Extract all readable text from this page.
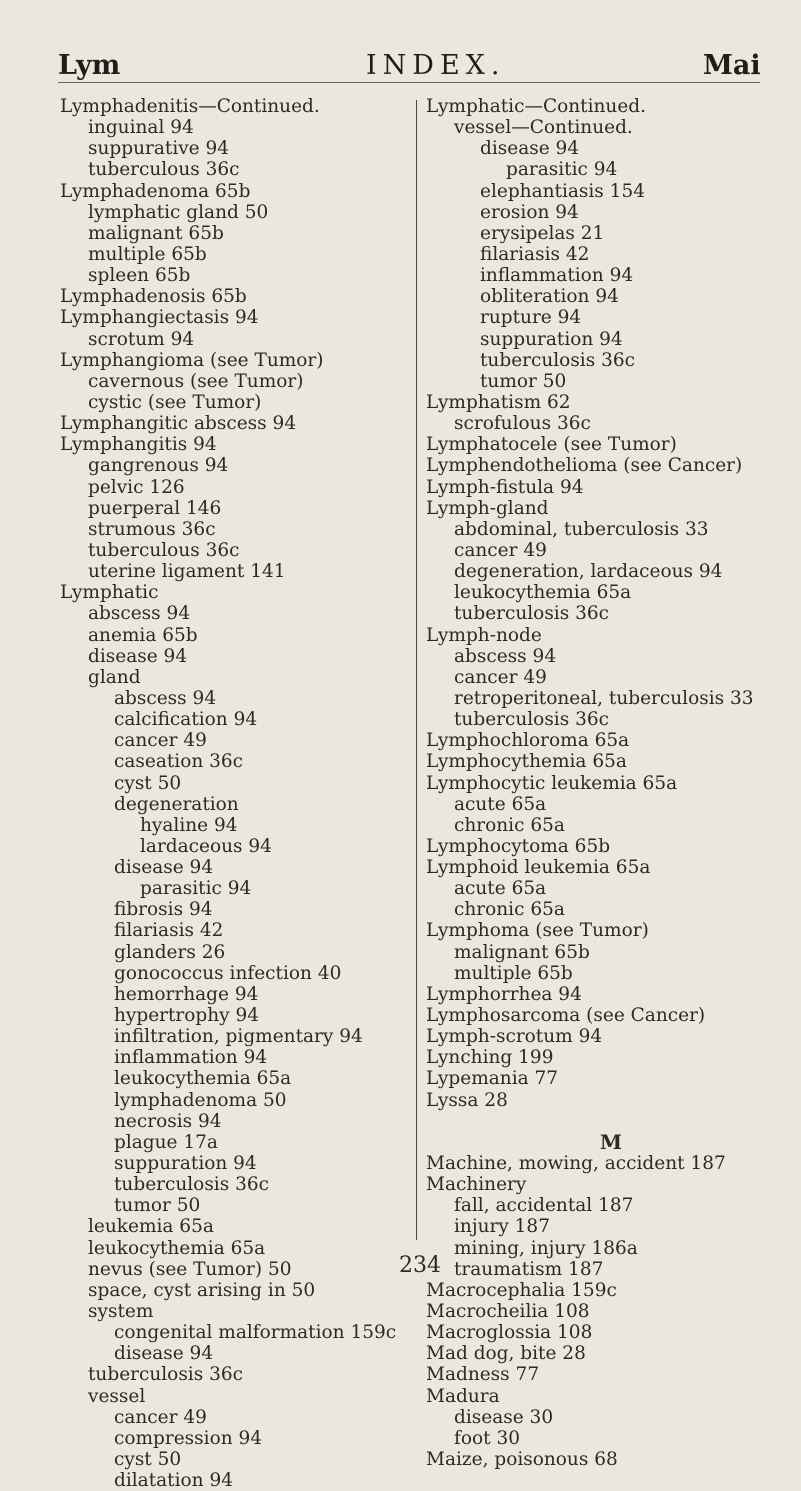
Lym	INDEX.	Mai
Lymphadenitis—Continued.
inguinal 94
suppurative 94
tuberculous 36c
Lymphadenoma 65b
lymphatic gland 50
malignant 65b
multiple 65b
spleen 65b
Lymphadenosis 65b
Lymphangiectasis 94
scrotum 94
Lymphangioma (see Tumor)
cavernous (see Tumor)
cystic (see Tumor)
Lymphangitic abscess 94
Lymphangitis 94
gangrenous 94
pelvic 126
puerperal 146
strumous 36c
tuberculous 36c
uterine ligament 141
Lymphatic
abscess 94
anemia 65b
disease 94
gland
abscess 94
calcification 94
cancer 49
caseation 36c
cyst 50
degeneration
hyaline 94
lardaceous 94
disease 94
parasitic 94
fibrosis 94
filariasis 42
glanders 26
gonococcus infection 40
hemorrhage 94
hypertrophy 94
infiltration, pigmentary 94
inflammation 94
leukocythemia 65a
lymphadenoma 50
necrosis 94
plague 17a
suppuration 94
tuberculosis 36c
tumor 50
leukemia 65a
leukocythemia 65a
nevus (see Tumor) 50
space, cyst arising in 50
system
congenital malformation 159c
disease 94
tuberculosis 36c
vessel
cancer 49
compression 94
cyst 50
dilatation 94
Lymphatic—Continued.
vessel—Continued.
disease 94
parasitic 94
elephantiasis 154
erosion 94
erysipelas 21
filariasis 42
inflammation 94
obliteration 94
rupture 94
suppuration 94
tuberculosis 36c
tumor 50
Lymphatism 62
scrofulous 36c
Lymphatocele (see Tumor)
Lymphendothelioma (see Cancer)
Lymph-fistula 94
Lymph-gland
abdominal, tuberculosis 33
cancer 49
degeneration, lardaceous 94
leukocythemia 65a
tuberculosis 36c
Lymph-node
abscess 94
cancer 49
retroperitoneal, tuberculosis 33
tuberculosis 36c
Lymphochloroma 65a
Lymphocythemia 65a
Lymphocytic leukemia 65a
acute 65a
chronic 65a
Lymphocytoma 65b
Lymphoid leukemia 65a
acute 65a
chronic 65a
Lymphoma (see Tumor)
malignant 65b
multiple 65b
Lymphorrhea 94
Lymphosarcoma (see Cancer)
Lymph-scrotum 94
Lynching 199
Lypemania 77
Lyssa 28
M
Machine, mowing, accident 187
Machinery
fall, accidental 187
injury 187
mining, injury 186a
traumatism 187
Macrocephalia 159c
Macrocheilia 108
Macroglossia 108
Mad dog, bite 28
Madness 77
Madura
disease 30
foot 30
Maize, poisonous 68
234
